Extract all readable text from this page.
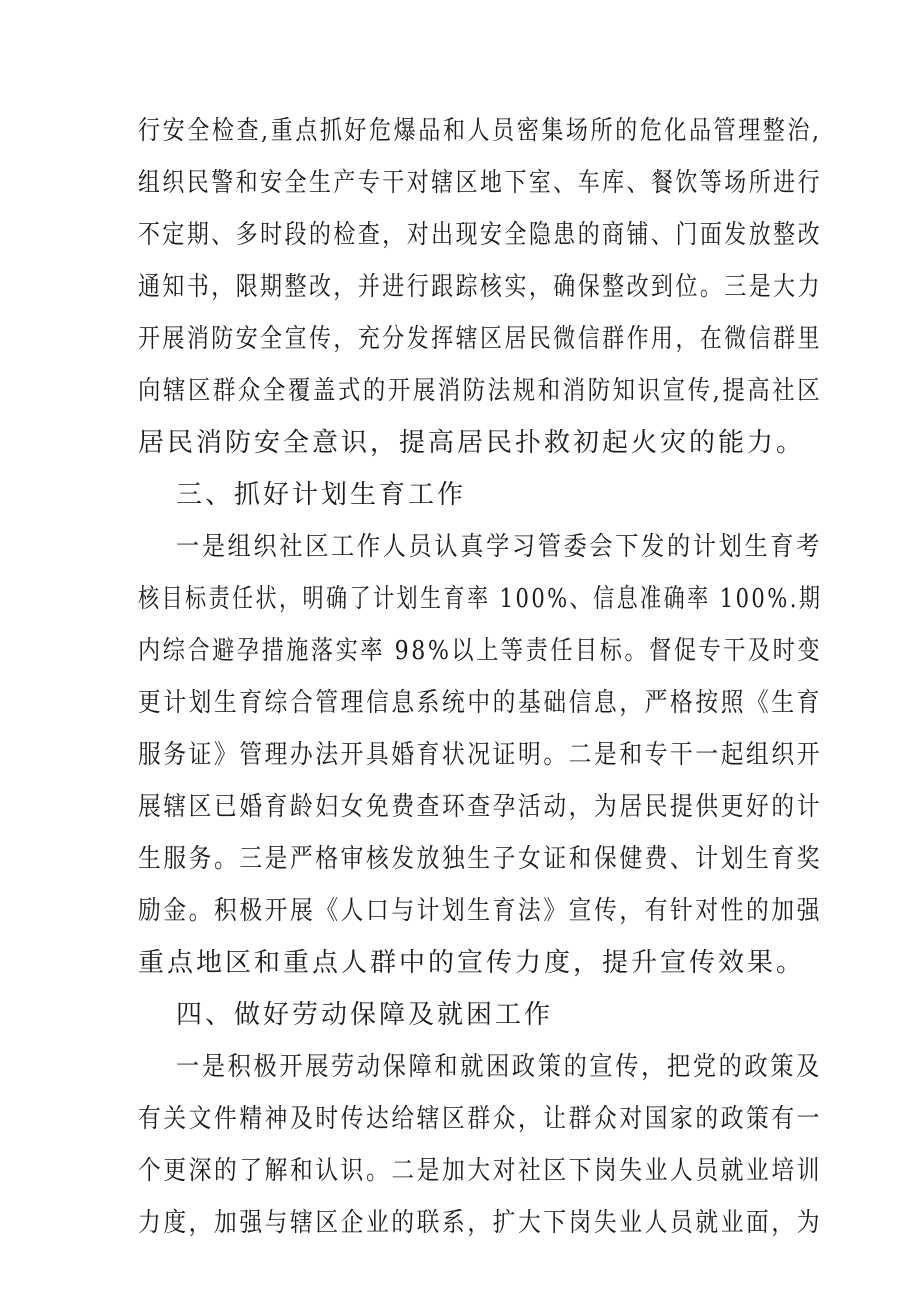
行安全检查,重点抓好危爆品和人员密集场所的危化品管理整治,
组织民警和安全生产专干对辖区地下室、车库、餐饮等场所进行
不定期、多时段的检查，对出现安全隐患的商铺、门面发放整改
通知书，限期整改，并进行跟踪核实，确保整改到位。三是大力
开展消防安全宣传，充分发挥辖区居民微信群作用，在微信群里
向辖区群众全覆盖式的开展消防法规和消防知识宣传,提高社区
居民消防安全意识，提高居民扑救初起火灾的能力。
三、抓好计划生育工作
一是组织社区工作人员认真学习管委会下发的计划生育考
核目标责任状，明确了计划生育率 100%、信息准确率 100%.期
内综合避孕措施落实率 98%以上等责任目标。督促专干及时变
更计划生育综合管理信息系统中的基础信息，严格按照《生育
服务证》管理办法开具婚育状况证明。二是和专干一起组织开
展辖区已婚育龄妇女免费查环查孕活动，为居民提供更好的计
生服务。三是严格审核发放独生子女证和保健费、计划生育奖
励金。积极开展《人口与计划生育法》宣传，有针对性的加强
重点地区和重点人群中的宣传力度，提升宣传效果。
四、做好劳动保障及就困工作
一是积极开展劳动保障和就困政策的宣传，把党的政策及
有关文件精神及时传达给辖区群众，让群众对国家的政策有一
个更深的了解和认识。二是加大对社区下岗失业人员就业培训
力度，加强与辖区企业的联系，扩大下岗失业人员就业面，为
